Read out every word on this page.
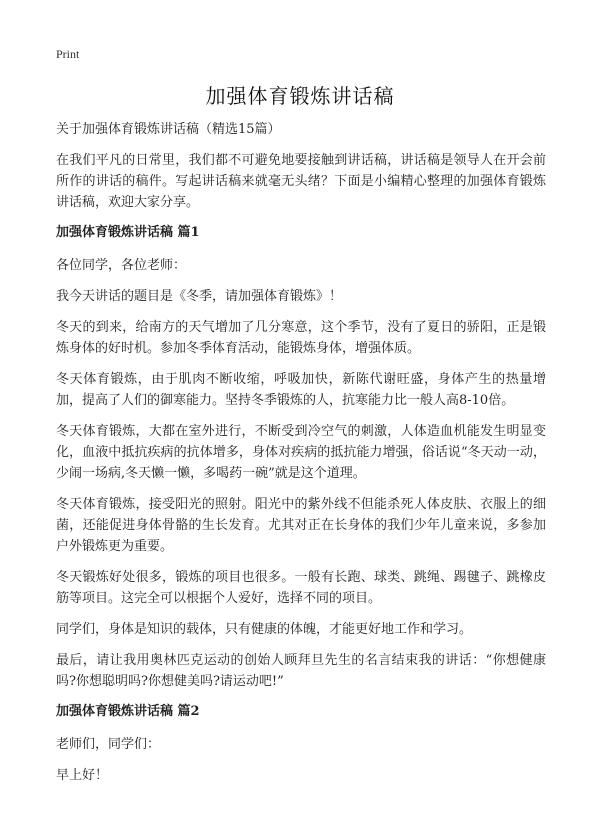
Print
加强体育锻炼讲话稿
关于加强体育锻炼讲话稿（精选15篇）

在我们平凡的日常里，我们都不可避免地要接触到讲话稿，讲话稿是领导人在开会前所作的讲话的稿件。写起讲话稿来就毫无头绪？下面是小编精心整理的加强体育锻炼讲话稿，欢迎大家分享。

加强体育锻炼讲话稿 篇1

各位同学，各位老师：

我今天讲话的题目是《冬季，请加强体育锻炼》！

冬天的到来，给南方的天气增加了几分寒意，这个季节，没有了夏日的骄阳，正是锻炼身体的好时机。参加冬季体育活动，能锻炼身体，增强体质。

冬天体育锻炼，由于肌肉不断收缩，呼吸加快，新陈代谢旺盛，身体产生的热量增加，提高了人们的御寒能力。坚持冬季锻炼的人，抗寒能力比一般人高8-10倍。

冬天体育锻炼，大都在室外进行，不断受到冷空气的刺激，人体造血机能发生明显变化，血液中抵抗疾病的抗体增多，身体对疾病的抵抗能力增强，俗话说“冬天动一动，少闹一场病,冬天懒一懒，多喝药一碗”就是这个道理。

冬天体育锻炼，接受阳光的照射。阳光中的紫外线不但能杀死人体皮肤、衣服上的细菌，还能促进身体骨骼的生长发育。尤其对正在长身体的我们少年儿童来说，多参加户外锻炼更为重要。

冬天锻炼好处很多，锻炼的项目也很多。一般有长跑、球类、跳绳、踢毽子、跳橡皮筋等项目。这完全可以根据个人爱好，选择不同的项目。

同学们，身体是知识的载体，只有健康的体魄，才能更好地工作和学习。

最后，请让我用奥林匹克运动的创始人顾拜旦先生的名言结束我的讲话：“你想健康吗?你想聪明吗?你想健美吗?请运动吧!”

加强体育锻炼讲话稿 篇2

老师们，同学们：

早上好！
